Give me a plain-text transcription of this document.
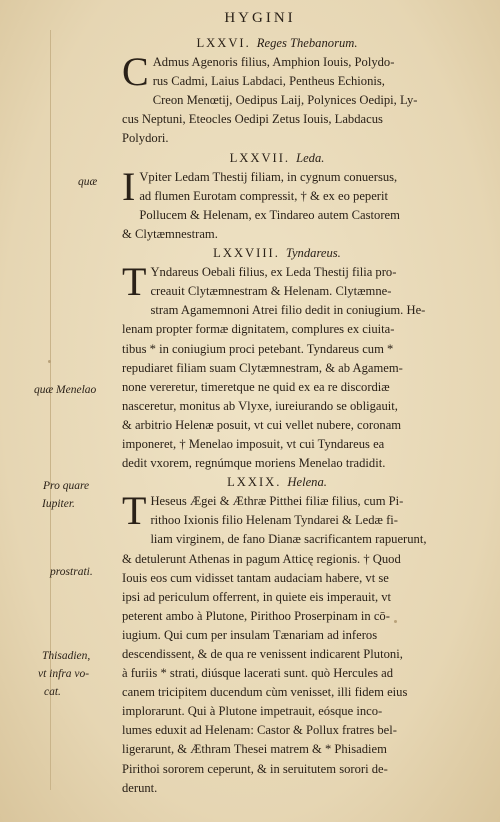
HYGINI
LXXVI. Reges Thebanorum.
C Admus Agenoris filius, Amphion Iouis, Polydo-
rus Cadmi, Laius Labdaci, Pentheus Echionis,
Creon Menœtij, Oedipus Laij, Polynices Oedipi, Ly-
cus Neptuni, Eteocles Oedipi Zetus Iouis, Labdacus
Polydori.
LXXVII. Leda.
I Vpiter Ledam Thestij filiam, in cygnum conuersus,
ad flumen Eurotam compressit, † & ex eo peperit
Pollucem & Helenam, ex Tindareo autem Castorem
& Clytæmnestram.
LXXVIII. Tyndareus.
T Yndareus Oebali filius, ex Leda Thestij filia pro-
creauit Clytæmnestram & Helenam. Clytæmne-
stram Agamemnoni Atrei filio dedit in coniugium. He-
lenam propter formæ dignitatem, complures ex ciuita-
tibus * in coniugium proci petebant. Tyndareus cum *
repudiaret filiam suam Clytæmnestram, & ab Agamem-
none vereretur, timeretque ne quid ex ea re discordiæ
nasceretur, monitus ab Vlyxe, iureiurando se obligauit,
& arbitrio Helenæ posuit, vt cui vellet nubere, coronam
imponeret, † Menelao imposuit, vt cui Tyndareus ea
dedit vxorem, regnúmque moriens Menelao tradidit.
LXXIX. Helena.
T Heseus Ægei & Æthræ Pitthei filiæ filius, cum Pi-
rithoo Ixionis filio Helenam Tyndarei & Ledæ fi-
liam virginem, de fano Dianæ sacrificantem rapuerunt,
& detulerunt Athenas in pagum Atticę regionis. † Quod
Iouis eos cum vidisset tantam audaciam habere, vt se
ipsi ad periculum offerrent, in quiete eis imperauit, vt
peterent ambo à Plutone, Pirithoo Proserpinam in cō-
iugium. Qui cum per insulam Tænariam ad inferos
descendissent, & de qua re venissent indicarent Plutoni,
à furiis * strati, diúsque lacerati sunt. quò Hercules ad
canem tricipitem ducendum cùm venisset, illi fidem eius
implorarunt. Qui à Plutone impetrauit, eósque inco-
lumes eduxit ad Helenam: Castor & Pollux fratres bel-
ligerarunt, & Æthram Thesei matrem & * Phisadiem
Pirithoi sororem ceperunt, & in seruitutem sorori de-
derunt.
quæ
quæ Menelao
Pro quare
Iupiter.
prostrati.
Thisadien,
vt infra vo-
cat.
